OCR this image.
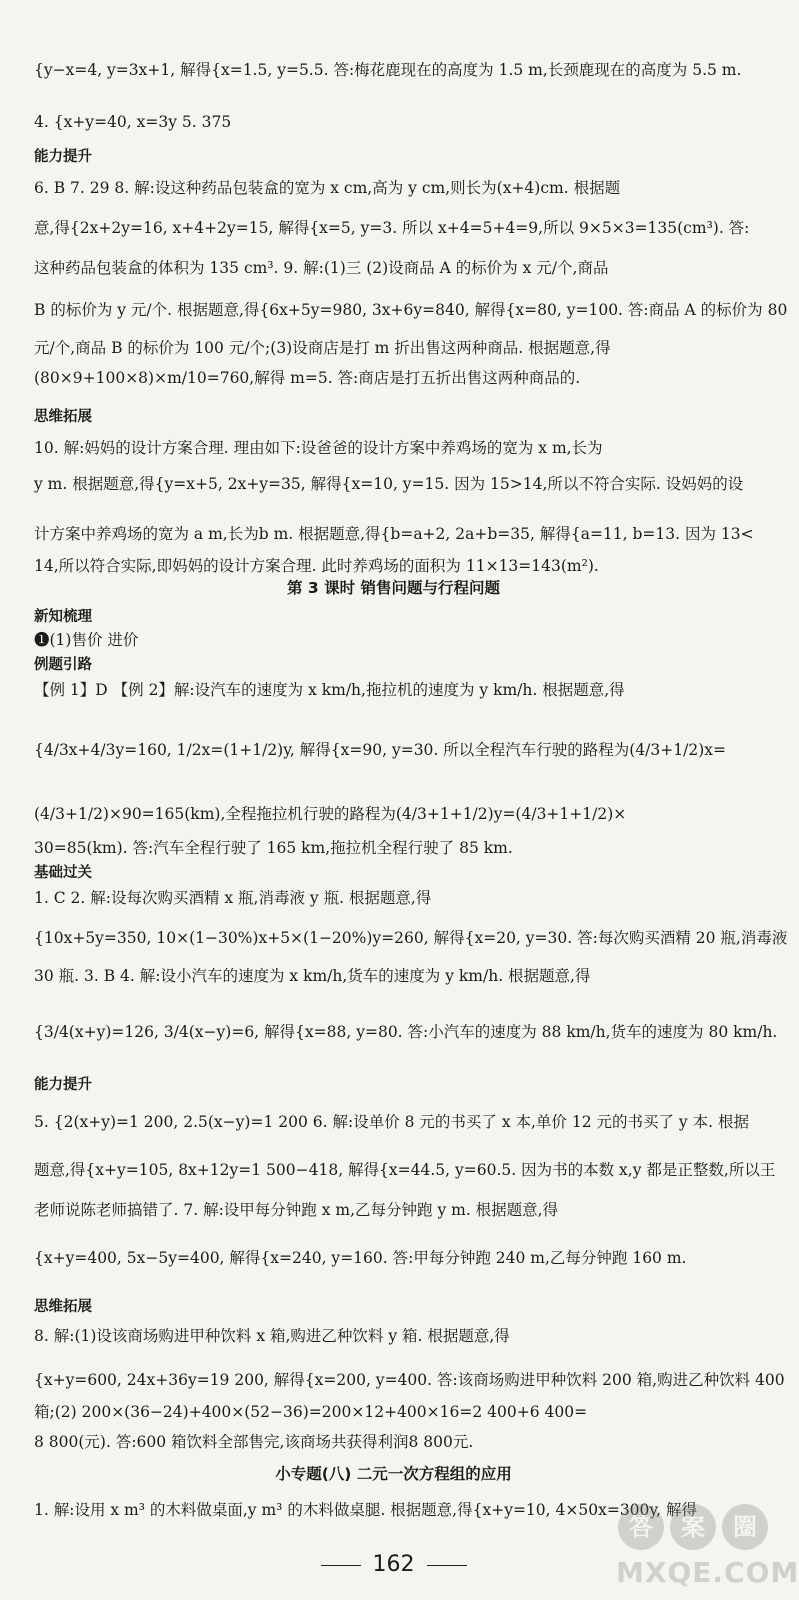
{y−x=4, y=3x+1, 解得{x=1.5, y=5.5. 答:梅花鹿现在的高度为 1.5 m,长颈鹿现在的高度为 5.5 m.
4. {x+y=40, x=3y 5. 375
能力提升
6. B 7. 29 8. 解:设这种药品包装盒的宽为 x cm,高为 y cm,则长为(x+4)cm. 根据题
意,得{2x+2y=16, x+4+2y=15, 解得{x=5, y=3. 所以 x+4=5+4=9,所以 9×5×3=135(cm³). 答:
这种药品包装盒的体积为 135 cm³. 9. 解:(1)三 (2)设商品 A 的标价为 x 元/个,商品
B 的标价为 y 元/个. 根据题意,得{6x+5y=980, 3x+6y=840, 解得{x=80, y=100. 答:商品 A 的标价为 80
元/个,商品 B 的标价为 100 元/个;(3)设商店是打 m 折出售这两种商品. 根据题意,得
(80×9+100×8)×m/10=760,解得 m=5. 答:商店是打五折出售这两种商品的.
思维拓展
10. 解:妈妈的设计方案合理. 理由如下:设爸爸的设计方案中养鸡场的宽为 x m,长为
y m. 根据题意,得{y=x+5, 2x+y=35, 解得{x=10, y=15. 因为 15>14,所以不符合实际. 设妈妈的设
计方案中养鸡场的宽为 a m,长为b m. 根据题意,得{b=a+2, 2a+b=35, 解得{a=11, b=13. 因为 13<
14,所以符合实际,即妈妈的设计方案合理. 此时养鸡场的面积为 11×13=143(m²).
第 3 课时 销售问题与行程问题
新知梳理
❶(1)售价 进价
例题引路
【例 1】D 【例 2】解:设汽车的速度为 x km/h,拖拉机的速度为 y km/h. 根据题意,得
{4/3x+4/3y=160, 1/2x=(1+1/2)y, 解得{x=90, y=30. 所以全程汽车行驶的路程为(4/3+1/2)x=
(4/3+1/2)×90=165(km),全程拖拉机行驶的路程为(4/3+1+1/2)y=(4/3+1+1/2)×
30=85(km). 答:汽车全程行驶了 165 km,拖拉机全程行驶了 85 km.
基础过关
1. C 2. 解:设每次购买酒精 x 瓶,消毒液 y 瓶. 根据题意,得
{10x+5y=350, 10×(1−30%)x+5×(1−20%)y=260, 解得{x=20, y=30. 答:每次购买酒精 20 瓶,消毒液
30 瓶. 3. B 4. 解:设小汽车的速度为 x km/h,货车的速度为 y km/h. 根据题意,得
{3/4(x+y)=126, 3/4(x−y)=6, 解得{x=88, y=80. 答:小汽车的速度为 88 km/h,货车的速度为 80 km/h.
能力提升
5. {2(x+y)=1 200, 2.5(x−y)=1 200 6. 解:设单价 8 元的书买了 x 本,单价 12 元的书买了 y 本. 根据
题意,得{x+y=105, 8x+12y=1 500−418, 解得{x=44.5, y=60.5. 因为书的本数 x,y 都是正整数,所以王
老师说陈老师搞错了. 7. 解:设甲每分钟跑 x m,乙每分钟跑 y m. 根据题意,得
{x+y=400, 5x−5y=400, 解得{x=240, y=160. 答:甲每分钟跑 240 m,乙每分钟跑 160 m.
思维拓展
8. 解:(1)设该商场购进甲种饮料 x 箱,购进乙种饮料 y 箱. 根据题意,得
{x+y=600, 24x+36y=19 200, 解得{x=200, y=400. 答:该商场购进甲种饮料 200 箱,购进乙种饮料 400
箱;(2) 200×(36−24)+400×(52−36)=200×12+400×16=2 400+6 400=
8 800(元). 答:600 箱饮料全部售完,该商场共获得利润8 800元.
小专题(八) 二元一次方程组的应用
1. 解:设用 x m³ 的木料做桌面,y m³ 的木料做桌腿. 根据题意,得{x+y=10, 4×50x=300y, 解得
162
答	案	圈
MXQE.COM
